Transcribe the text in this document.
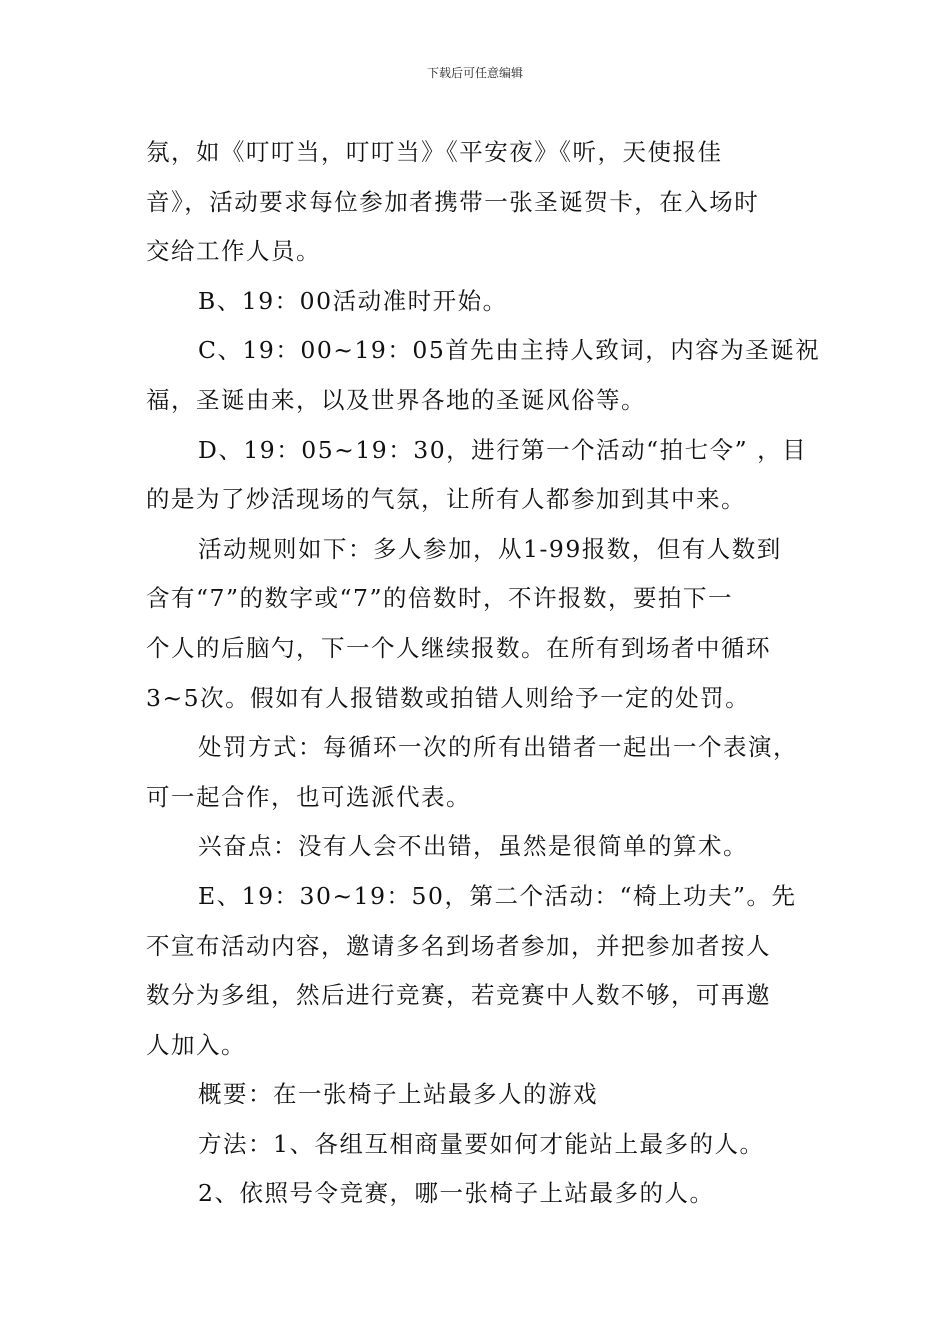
下载后可任意编辑

氛，如《叮叮当，叮叮当》《平安夜》《听，天使报佳
音》，活动要求每位参加者携带一张圣诞贺卡，在入场时
交给工作人员。

B、19：00活动准时开始。

C、19：00~19：05首先由主持人致词，内容为圣诞祝
福，圣诞由来，以及世界各地的圣诞风俗等。

D、19：05~19：30，进行第一个活动“拍七令” ，目
的是为了炒活现场的气氛，让所有人都参加到其中来。

活动规则如下：多人参加，从1-99报数，但有人数到
含有“7”的数字或“7”的倍数时，不许报数，要拍下一
个人的后脑勺，下一个人继续报数。在所有到场者中循环
3~5次。假如有人报错数或拍错人则给予一定的处罚。

处罚方式：每循环一次的所有出错者一起出一个表演，
可一起合作，也可选派代表。

兴奋点：没有人会不出错，虽然是很简单的算术。

E、19：30~19：50，第二个活动：“椅上功夫”。先
不宣布活动内容，邀请多名到场者参加，并把参加者按人
数分为多组，然后进行竞赛，若竞赛中人数不够，可再邀
人加入。

概要：在一张椅子上站最多人的游戏

方法：1、各组互相商量要如何才能站上最多的人。

2、依照号令竞赛，哪一张椅子上站最多的人。
